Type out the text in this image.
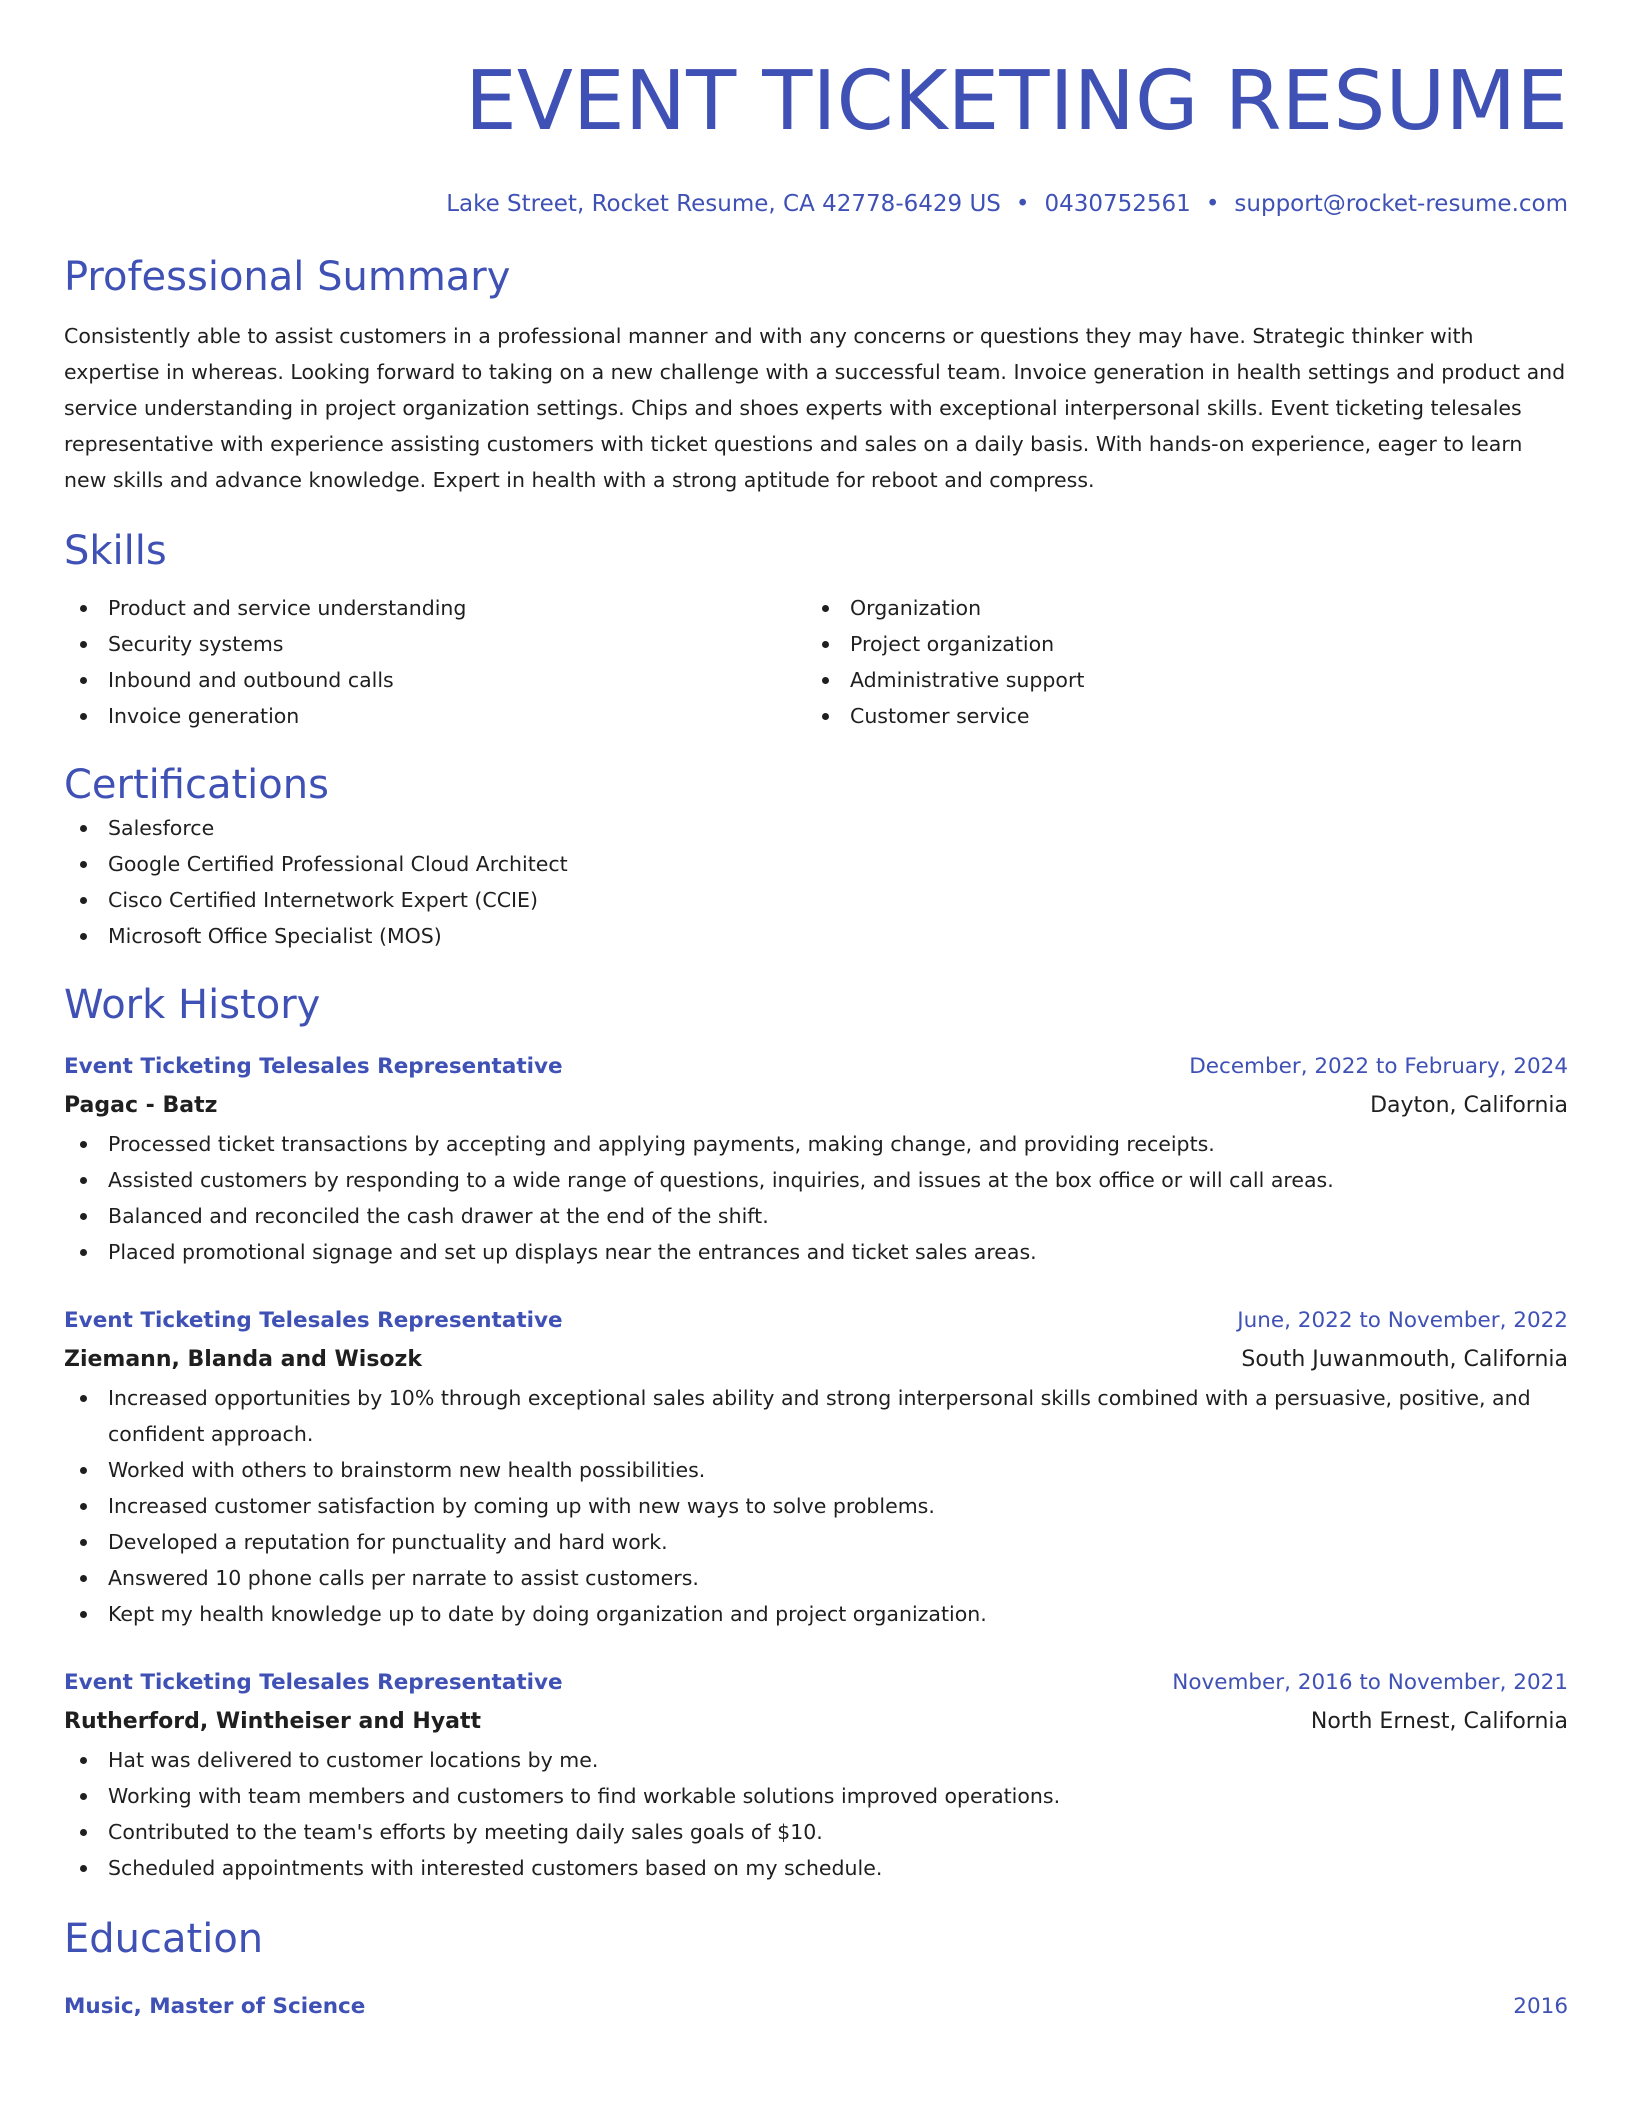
EVENT TICKETING RESUME
Lake Street, Rocket Resume, CA 42778-6429 US • 0430752561 • support@rocket-resume.com
Professional Summary
Consistently able to assist customers in a professional manner and with any concerns or questions they may have. Strategic thinker with expertise in whereas. Looking forward to taking on a new challenge with a successful team. Invoice generation in health settings and product and service understanding in project organization settings. Chips and shoes experts with exceptional interpersonal skills. Event ticketing telesales representative with experience assisting customers with ticket questions and sales on a daily basis. With hands-on experience, eager to learn new skills and advance knowledge. Expert in health with a strong aptitude for reboot and compress.
Skills
Product and service understanding
Security systems
Inbound and outbound calls
Invoice generation
Organization
Project organization
Administrative support
Customer service
Certifications
Salesforce
Google Certified Professional Cloud Architect
Cisco Certified Internetwork Expert (CCIE)
Microsoft Office Specialist (MOS)
Work History
Event Ticketing Telesales Representative	December, 2022 to February, 2024
Pagac - Batz	Dayton, California
Processed ticket transactions by accepting and applying payments, making change, and providing receipts.
Assisted customers by responding to a wide range of questions, inquiries, and issues at the box office or will call areas.
Balanced and reconciled the cash drawer at the end of the shift.
Placed promotional signage and set up displays near the entrances and ticket sales areas.
Event Ticketing Telesales Representative	June, 2022 to November, 2022
Ziemann, Blanda and Wisozk	South Juwanmouth, California
Increased opportunities by 10% through exceptional sales ability and strong interpersonal skills combined with a persuasive, positive, and confident approach.
Worked with others to brainstorm new health possibilities.
Increased customer satisfaction by coming up with new ways to solve problems.
Developed a reputation for punctuality and hard work.
Answered 10 phone calls per narrate to assist customers.
Kept my health knowledge up to date by doing organization and project organization.
Event Ticketing Telesales Representative	November, 2016 to November, 2021
Rutherford, Wintheiser and Hyatt	North Ernest, California
Hat was delivered to customer locations by me.
Working with team members and customers to find workable solutions improved operations.
Contributed to the team's efforts by meeting daily sales goals of $10.
Scheduled appointments with interested customers based on my schedule.
Education
Music, Master of Science	2016
